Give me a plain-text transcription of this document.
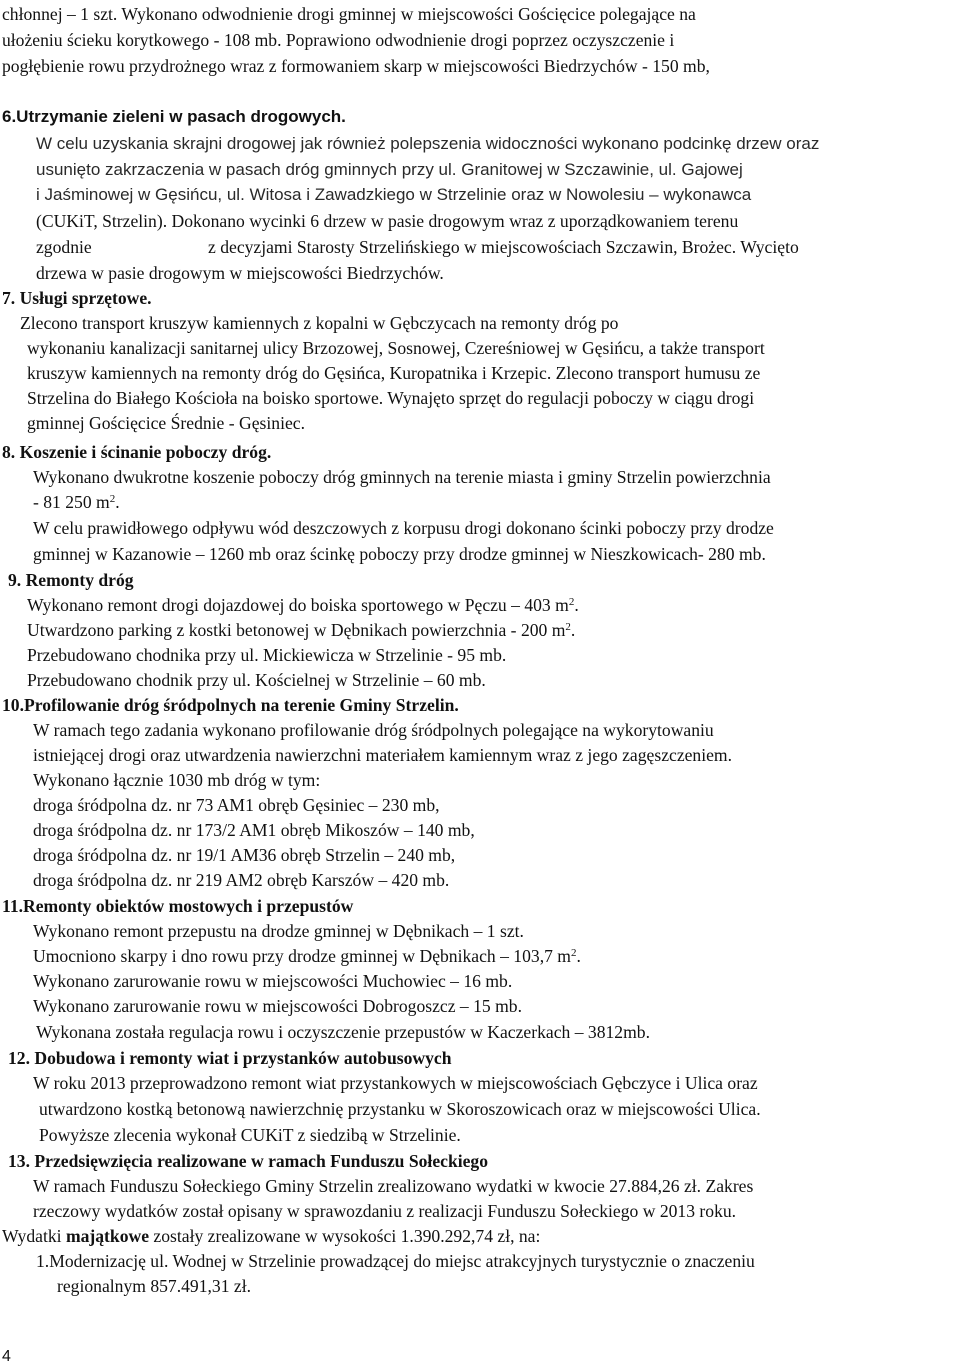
chłonnej – 1 szt. Wykonano odwodnienie drogi gminnej w miejscowości Gościęcice polegające na
ułożeniu ścieku korytkowego - 108 mb. Poprawiono odwodnienie drogi poprzez oczyszczenie i
pogłębienie rowu przydrożnego wraz z formowaniem skarp w miejscowości Biedrzychów - 150 mb,
6.Utrzymanie zieleni w pasach drogowych.
W celu uzyskania skrajni drogowej jak również polepszenia widoczności wykonano podcinkę drzew oraz
usunięto zakrzaczenia w pasach dróg gminnych przy ul. Granitowej w Szczawinie, ul. Gajowej
i Jaśminowej w Gęsińcu, ul. Witosa i Zawadzkiego w Strzelinie oraz w Nowolesiu – wykonawca
(CUKiT, Strzelin). Dokonano wycinki 6 drzew w pasie drogowym wraz z uporządkowaniem terenu
zgodnie	z decyzjami Starosty Strzelińskiego w miejscowościach Szczawin, Brożec. Wycięto
drzewa w pasie drogowym w miejscowości Biedrzychów.
7. Usługi sprzętowe.
Zlecono transport kruszyw kamiennych z kopalni w Gębczycach na remonty dróg po
wykonaniu kanalizacji sanitarnej ulicy Brzozowej, Sosnowej, Czereśniowej w Gęsińcu, a także transport
kruszyw kamiennych na remonty dróg do Gęsińca, Kuropatnika i Krzepic. Zlecono transport humusu ze
Strzelina do Białego Kościoła na boisko sportowe. Wynajęto sprzęt do regulacji poboczy w ciągu drogi
gminnej Gościęcice Średnie - Gęsiniec.
8. Koszenie i ścinanie poboczy dróg.
Wykonano dwukrotne koszenie poboczy dróg gminnych na terenie miasta i gminy Strzelin powierzchnia
- 81 250 $m^2$.
W celu prawidłowego odpływu wód deszczowych z korpusu drogi dokonano ścinki poboczy przy drodze
gminnej w Kazanowie – 1260 mb oraz ścinkę poboczy przy drodze gminnej w Nieszkowicach- 280 mb.
9. Remonty dróg
Wykonano remont drogi dojazdowej do boiska sportowego w Pęczu – 403 $m^2$.
Utwardzono parking z kostki betonowej w Dębnikach powierzchnia - 200 $m^2$.
Przebudowano chodnika przy ul. Mickiewicza w Strzelinie - 95 mb.
Przebudowano chodnik przy ul. Kościelnej w Strzelinie – 60 mb.
10.Profilowanie dróg śródpolnych na terenie Gminy Strzelin.
W ramach tego zadania wykonano profilowanie dróg śródpolnych polegające na wykorytowaniu
istniejącej drogi oraz utwardzenia nawierzchni materiałem kamiennym wraz z jego zagęszczeniem.
Wykonano łącznie 1030 mb dróg w tym:
droga śródpolna dz. nr 73 AM1 obręb Gęsiniec – 230 mb,
droga śródpolna dz. nr 173/2 AM1 obręb Mikoszów – 140 mb,
droga śródpolna dz. nr 19/1 AM36 obręb Strzelin – 240 mb,
droga śródpolna dz. nr 219 AM2 obręb Karszów – 420 mb.
11.Remonty obiektów mostowych i przepustów
Wykonano remont przepustu na drodze gminnej w Dębnikach – 1 szt.
Umocniono skarpy i dno rowu przy drodze gminnej w Dębnikach – 103,7 $m^2$.
Wykonano zarurowanie rowu w miejscowości Muchowiec – 16 mb.
Wykonano zarurowanie rowu w miejscowości Dobrogoszcz – 15 mb.
Wykonana została regulacja rowu i oczyszczenie przepustów w Kaczerkach – 3812mb.
12. Dobudowa i remonty wiat i przystanków autobusowych
W roku 2013 przeprowadzono remont wiat przystankowych w miejscowościach Gębczyce i Ulica oraz
utwardzono kostką betonową nawierzchnię przystanku w Skoroszowicach oraz w miejscowości Ulica.
Powyższe zlecenia wykonał CUKiT z siedzibą w Strzelinie.
13. Przedsięwzięcia realizowane w ramach Funduszu Sołeckiego
W ramach Funduszu Sołeckiego Gminy Strzelin zrealizowano wydatki w kwocie 27.884,26 zł. Zakres
rzeczowy wydatków został opisany w sprawozdaniu z realizacji Funduszu Sołeckiego w 2013 roku.
Wydatki majątkowe zostały zrealizowane w wysokości 1.390.292,74 zł, na:
1.Modernizację ul. Wodnej w Strzelinie prowadzącej do miejsc atrakcyjnych turystycznie o znaczeniu
regionalnym 857.491,31 zł.
4
